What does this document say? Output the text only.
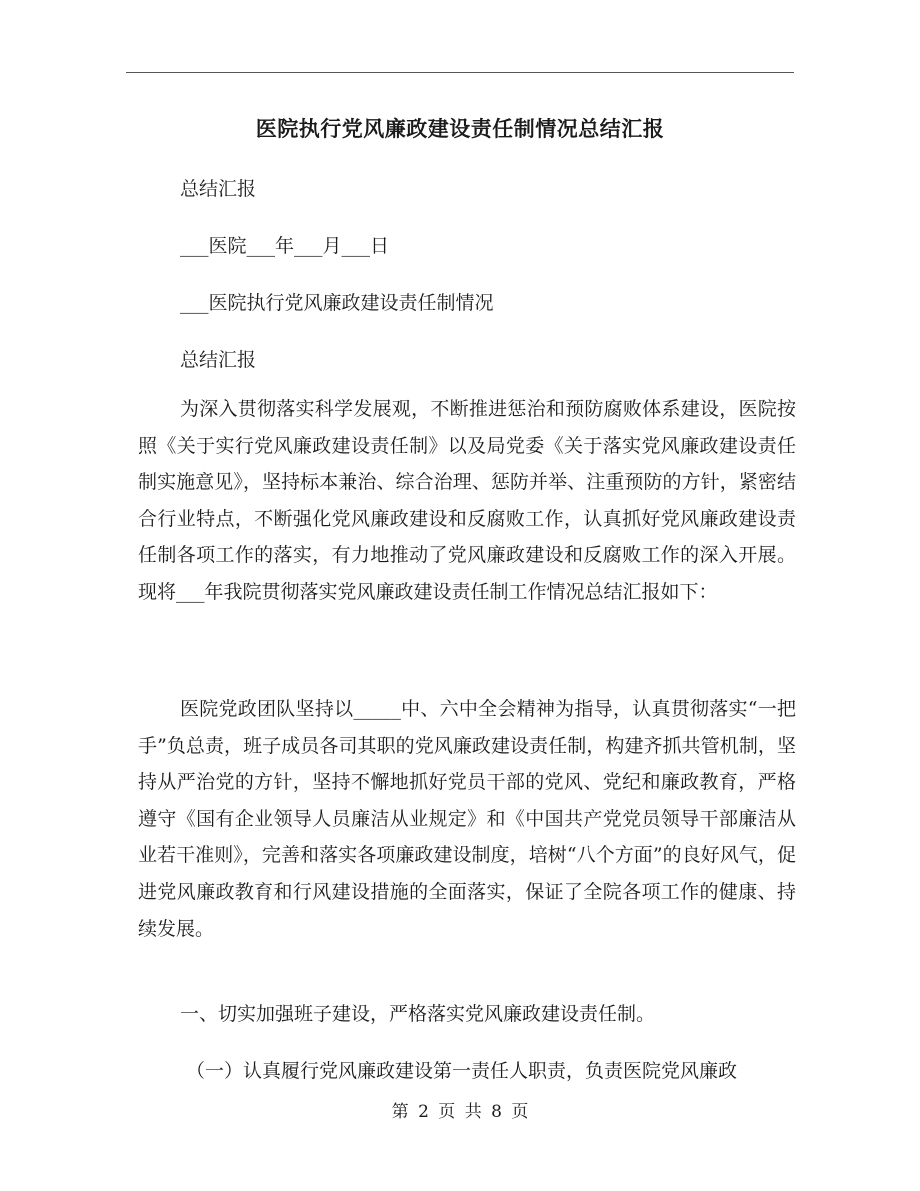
医院执行党风廉政建设责任制情况总结汇报
总结汇报
___医院___年___月___日
___医院执行党风廉政建设责任制情况
总结汇报
为深入贯彻落实科学发展观，不断推进惩治和预防腐败体系建设，医院按照《关于实行党风廉政建设责任制》以及局党委《关于落实党风廉政建设责任制实施意见》，坚持标本兼治、综合治理、惩防并举、注重预防的方针，紧密结合行业特点，不断强化党风廉政建设和反腐败工作，认真抓好党风廉政建设责任制各项工作的落实，有力地推动了党风廉政建设和反腐败工作的深入开展。现将___年我院贯彻落实党风廉政建设责任制工作情况总结汇报如下：
医院党政团队坚持以_____中、六中全会精神为指导，认真贯彻落实“一把手”负总责，班子成员各司其职的党风廉政建设责任制，构建齐抓共管机制，坚持从严治党的方针，坚持不懈地抓好党员干部的党风、党纪和廉政教育，严格遵守《国有企业领导人员廉洁从业规定》和《中国共产党党员领导干部廉洁从业若干准则》，完善和落实各项廉政建设制度，培树“八个方面”的良好风气，促进党风廉政教育和行风建设措施的全面落实，保证了全院各项工作的健康、持续发展。
一、切实加强班子建设，严格落实党风廉政建设责任制。
（一）认真履行党风廉政建设第一责任人职责，负责医院党风廉政
第 2 页 共 8 页
